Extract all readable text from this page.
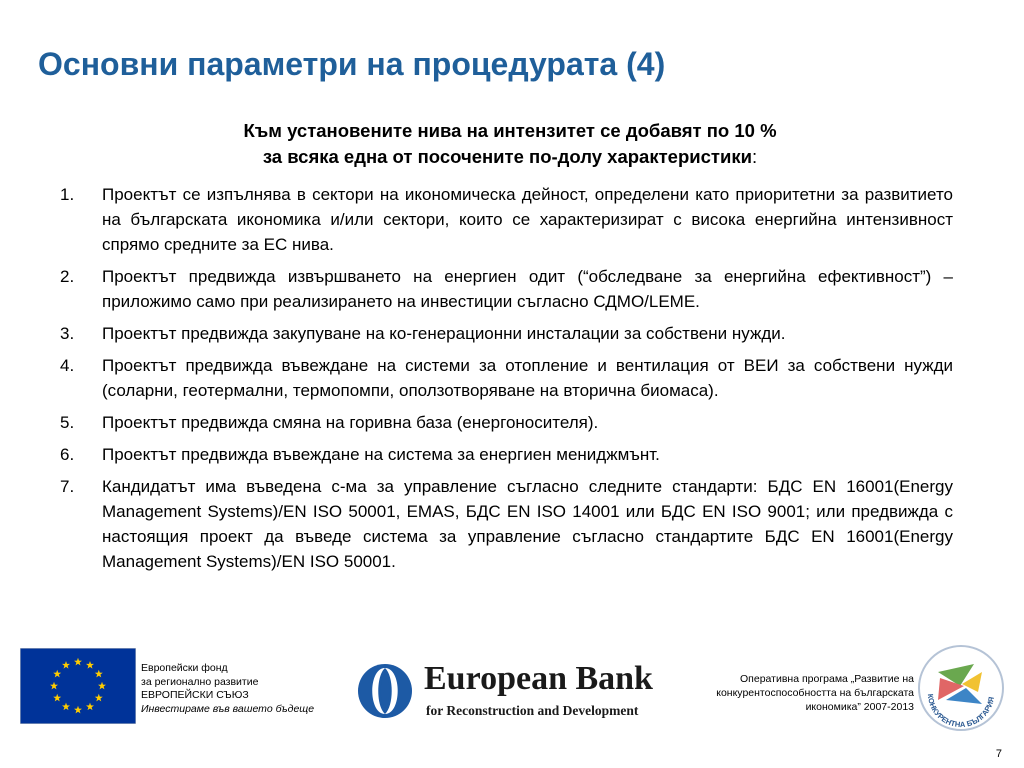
Основни параметри на процедурата (4)
Към установените нива на интензитет се добавят по 10 %
за всяка една от посочените по-долу характеристики:
1.	Проектът се изпълнява в сектори на икономическа дейност, определени като приоритетни за развитието на българската икономика и/или сектори, които се характеризират с висока енергийна интензивност спрямо средните за ЕС нива.
2.	Проектът предвижда извършването на енергиен одит (“обследване за енергийна ефективност”) – приложимо само при реализирането на инвестиции съгласно СДМО/LEME.
3.	Проектът предвижда закупуване на ко-генерационни инсталации за собствени нужди.
4.	Проектът предвижда въвеждане на системи за отопление и вентилация от ВЕИ за собствени нужди (соларни, геотермални, термопомпи, оползотворяване на вторична биомаса).
5.	Проектът предвижда смяна на горивна база (енергоносителя).
6.	Проектът предвижда въвеждане на система за енергиен мениджмънт.
7.	Кандидатът има въведена с-ма за управление съгласно следните стандарти: БДС EN 16001(Energy Management Systems)/EN ISO 50001, EMAS, БДС EN ISO 14001 или БДС EN ISO 9001; или предвижда с настоящия проект да въведе система за управление съгласно стандартите БДС EN 16001(Energy Management Systems)/EN ISO 50001.
Европейски фонд
за регионално развитие
ЕВРОПЕЙСКИ СЪЮЗ
Инвестираме във вашето бъдеще
European Bank
for Reconstruction and Development
Оперативна програма „Развитие на
конкурентоспособността на българската
икономика” 2007-2013
КОНКУРЕНТНА БЪЛГАРИЯ
7
